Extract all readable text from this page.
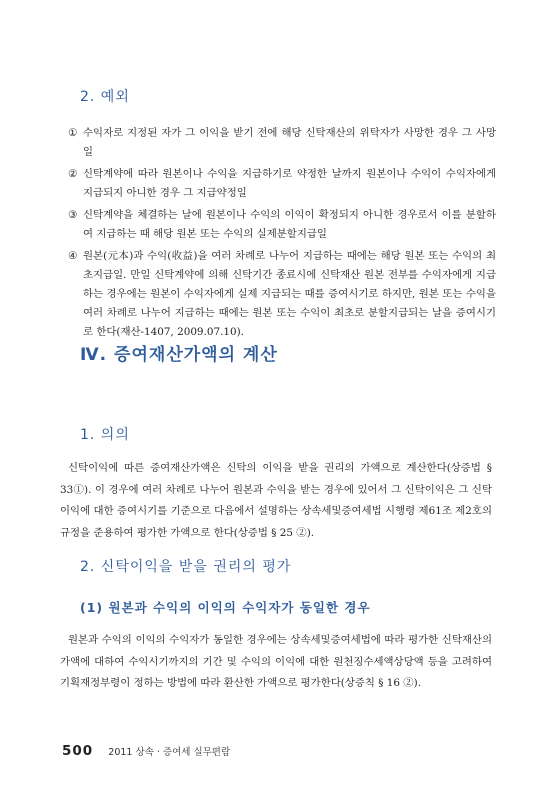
2. 예외
① 수익자로 지정된 자가 그 이익을 받기 전에 해당 신탁재산의 위탁자가 사망한 경우 그 사망일
② 신탁계약에 따라 원본이나 수익을 지급하기로 약정한 날까지 원본이나 수익이 수익자에게 지급되지 아니한 경우 그 지급약정일
③ 신탁계약을 체결하는 날에 원본이나 수익의 이익이 확정되지 아니한 경우로서 이를 분할하여 지급하는 때 해당 원본 또는 수익의 실제분할지급일
④ 원본(元本)과 수익(收益)을 여러 차례로 나누어 지급하는 때에는 해당 원본 또는 수익의 최초지급일. 만일 신탁계약에 의해 신탁기간 종료시에 신탁재산 원본 전부를 수익자에게 지급하는 경우에는 원본이 수익자에게 실제 지급되는 때를 증여시기로 하지만, 원본 또는 수익을 여러 차례로 나누어 지급하는 때에는 원본 또는 수익이 최초로 분할지급되는 날을 증여시기로 한다(재산-1407, 2009.07.10).
Ⅳ. 증여재산가액의 계산
1. 의의

신탁이익에 따른 증여재산가액은 신탁의 이익을 받을 권리의 가액으로 계산한다(상증법 § 33①). 이 경우에 여러 차례로 나누어 원본과 수익을 받는 경우에 있어서 그 신탁이익은 그 신탁이익에 대한 증여시기를 기준으로 다음에서 설명하는 상속세및증여세법 시행령 제61조 제2호의 규정을 준용하여 평가한 가액으로 한다(상증법 § 25 ②).

2. 신탁이익을 받을 권리의 평가
(1) 원본과 수익의 이익의 수익자가 동일한 경우

원본과 수익의 이익의 수익자가 동일한 경우에는 상속세및증여세법에 따라 평가한 신탁재산의 가액에 대하여 수익시기까지의 기간 및 수익의 이익에 대한 원천징수세액상당액 등을 고려하여 기획재정부령이 정하는 방법에 따라 환산한 가액으로 평가한다(상증칙 § 16 ②).

500 2011 상속 · 증여세 실무편람
